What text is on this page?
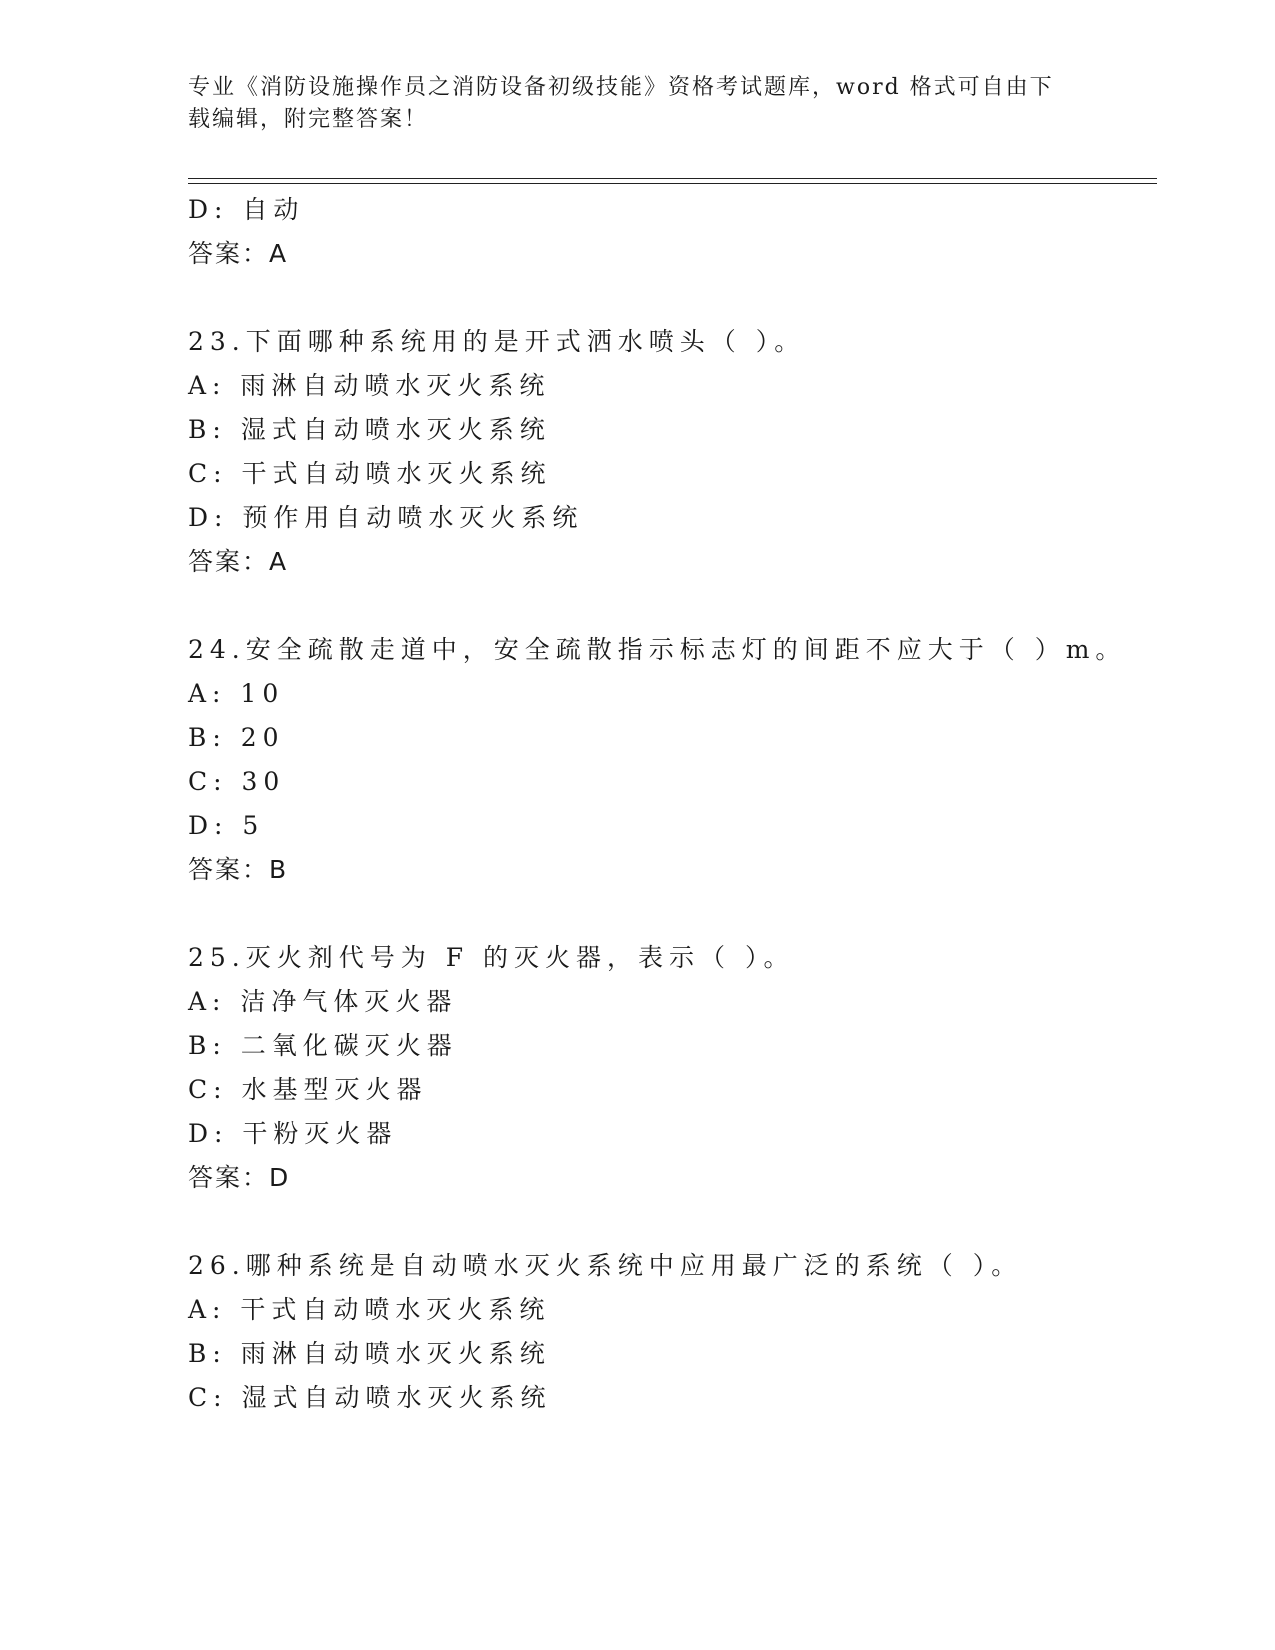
专业《消防设施操作员之消防设备初级技能》资格考试题库，word 格式可自由下载编辑，附完整答案！
D: 自动
答案：A
23.下面哪种系统用的是开式洒水喷头（ ）。
A: 雨淋自动喷水灭火系统
B: 湿式自动喷水灭火系统
C: 干式自动喷水灭火系统
D: 预作用自动喷水灭火系统
答案：A
24.安全疏散走道中，安全疏散指示标志灯的间距不应大于（ ）m。
A: 10
B: 20
C: 30
D: 5
答案：B
25.灭火剂代号为 F 的灭火器，表示（ ）。
A: 洁净气体灭火器
B: 二氧化碳灭火器
C: 水基型灭火器
D: 干粉灭火器
答案：D
26.哪种系统是自动喷水灭火系统中应用最广泛的系统（ ）。
A: 干式自动喷水灭火系统
B: 雨淋自动喷水灭火系统
C: 湿式自动喷水灭火系统
